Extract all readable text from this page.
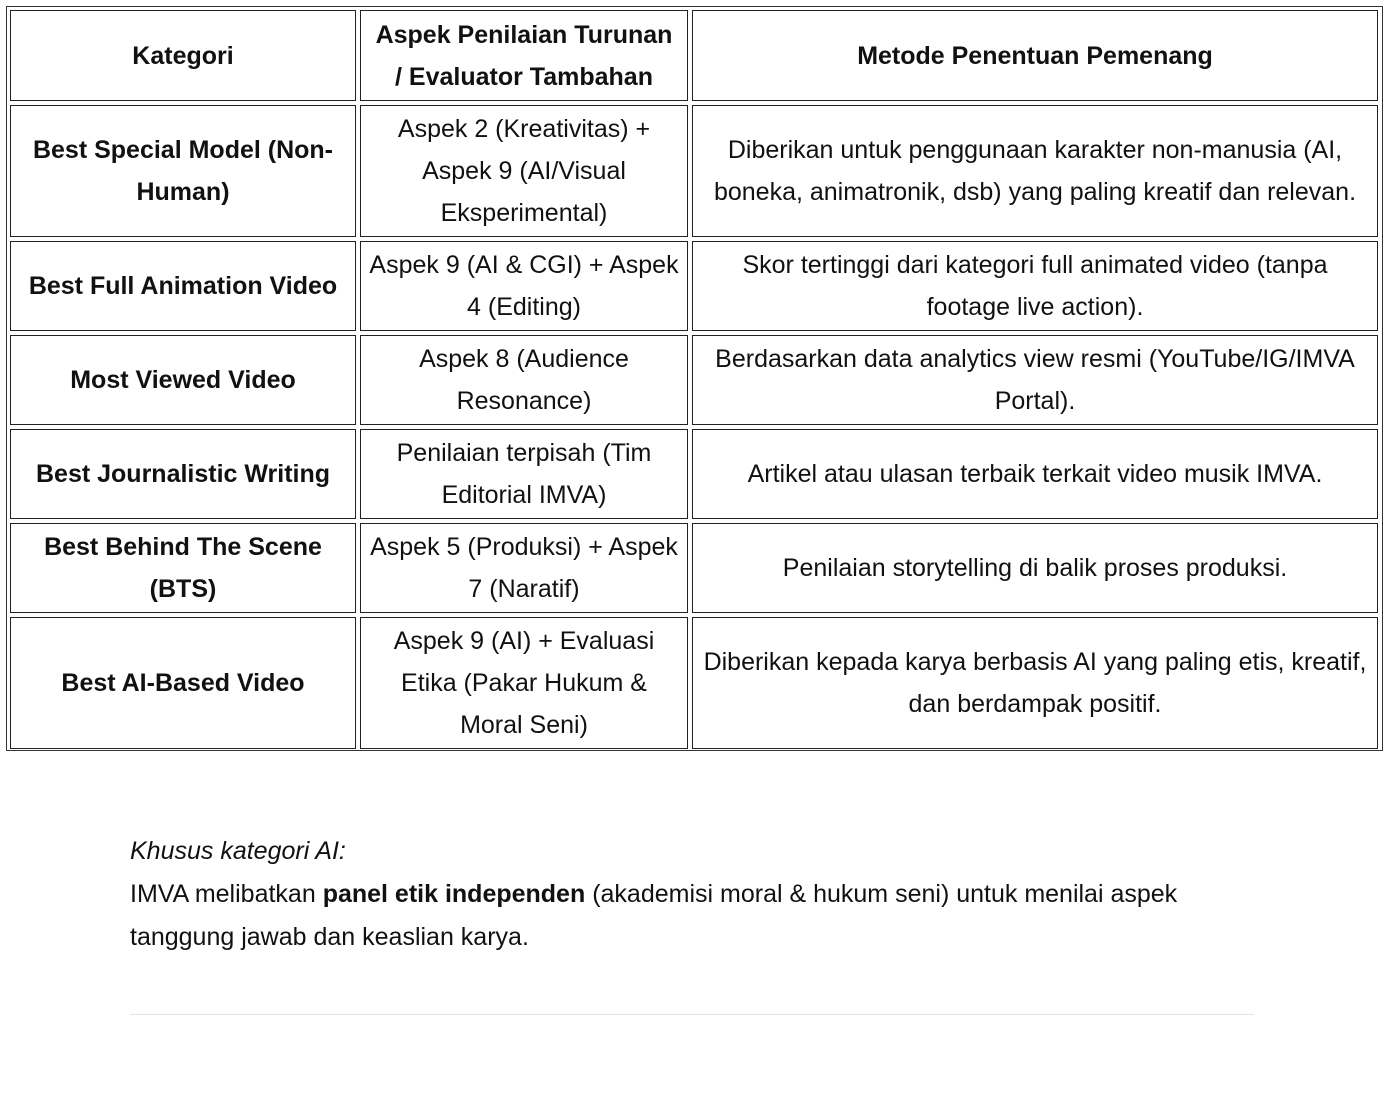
Kategori	Aspek Penilaian Turunan / Evaluator Tambahan	Metode Penentuan Pemenang
Best Special Model (Non-Human)	Aspek 2 (Kreativitas) + Aspek 9 (AI/Visual Eksperimental)	Diberikan untuk penggunaan karakter non-manusia (AI, boneka, animatronik, dsb) yang paling kreatif dan relevan.
Best Full Animation Video	Aspek 9 (AI & CGI) + Aspek 4 (Editing)	Skor tertinggi dari kategori full animated video (tanpa footage live action).
Most Viewed Video	Aspek 8 (Audience Resonance)	Berdasarkan data analytics view resmi (YouTube/IG/IMVA Portal).
Best Journalistic Writing	Penilaian terpisah (Tim Editorial IMVA)	Artikel atau ulasan terbaik terkait video musik IMVA.
Best Behind The Scene (BTS)	Aspek 5 (Produksi) + Aspek 7 (Naratif)	Penilaian storytelling di balik proses produksi.
Best AI-Based Video	Aspek 9 (AI) + Evaluasi Etika (Pakar Hukum & Moral Seni)	Diberikan kepada karya berbasis AI yang paling etis, kreatif, dan berdampak positif.
Khusus kategori AI:
IMVA melibatkan panel etik independen (akademisi moral & hukum seni) untuk menilai aspek tanggung jawab dan keaslian karya.
